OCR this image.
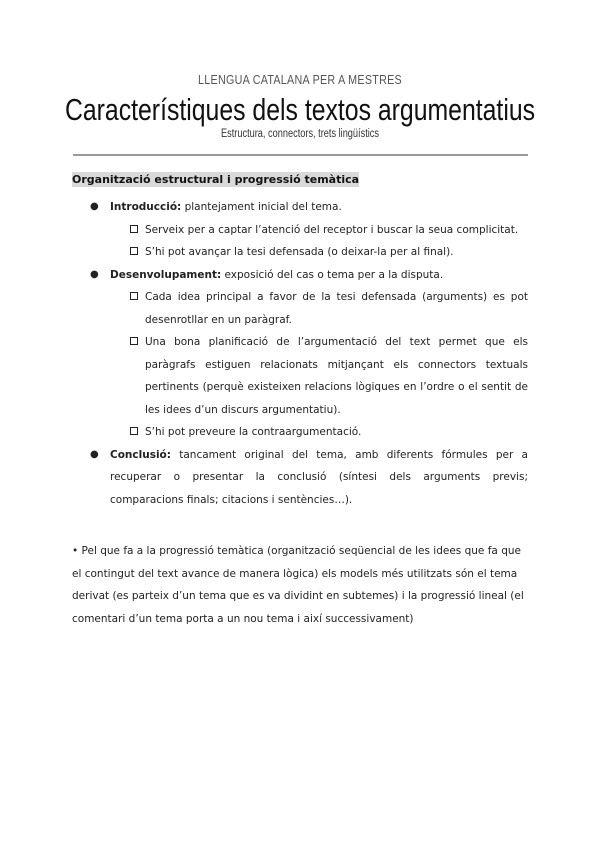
LLENGUA CATALANA PER A MESTRES
Característiques dels textos argumentatius
Estructura, connectors, trets lingüístics
Organització estructural i progressió temàtica
● Introducció: plantejament inicial del tema.
Serveix per a captar l’atenció del receptor i buscar la seua complicitat.
S’hi pot avançar la tesi defensada (o deixar-la per al final).
● Desenvolupament: exposició del cas o tema per a la disputa.
Cada idea principal a favor de la tesi defensada (arguments) es pot desenrotllar en un paràgraf.
Una bona planificació de l’argumentació del text permet que els paràgrafs estiguen relacionats mitjançant els connectors textuals pertinents (perquè existeixen relacions lògiques en l’ordre o el sentit de les idees d’un discurs argumentatiu).
S’hi pot preveure la contraargumentació.
● Conclusió: tancament original del tema, amb diferents fórmules per a recuperar o presentar la conclusió (síntesi dels arguments previs; comparacions finals; citacions i sentències…).
• Pel que fa a la progressió temàtica (organització seqüencial de les idees que fa que el contingut del text avance de manera lògica) els models més utilitzats són el tema derivat (es parteix d’un tema que es va dividint en subtemes) i la progressió lineal (el comentari d’un tema porta a un nou tema i així successivament)
